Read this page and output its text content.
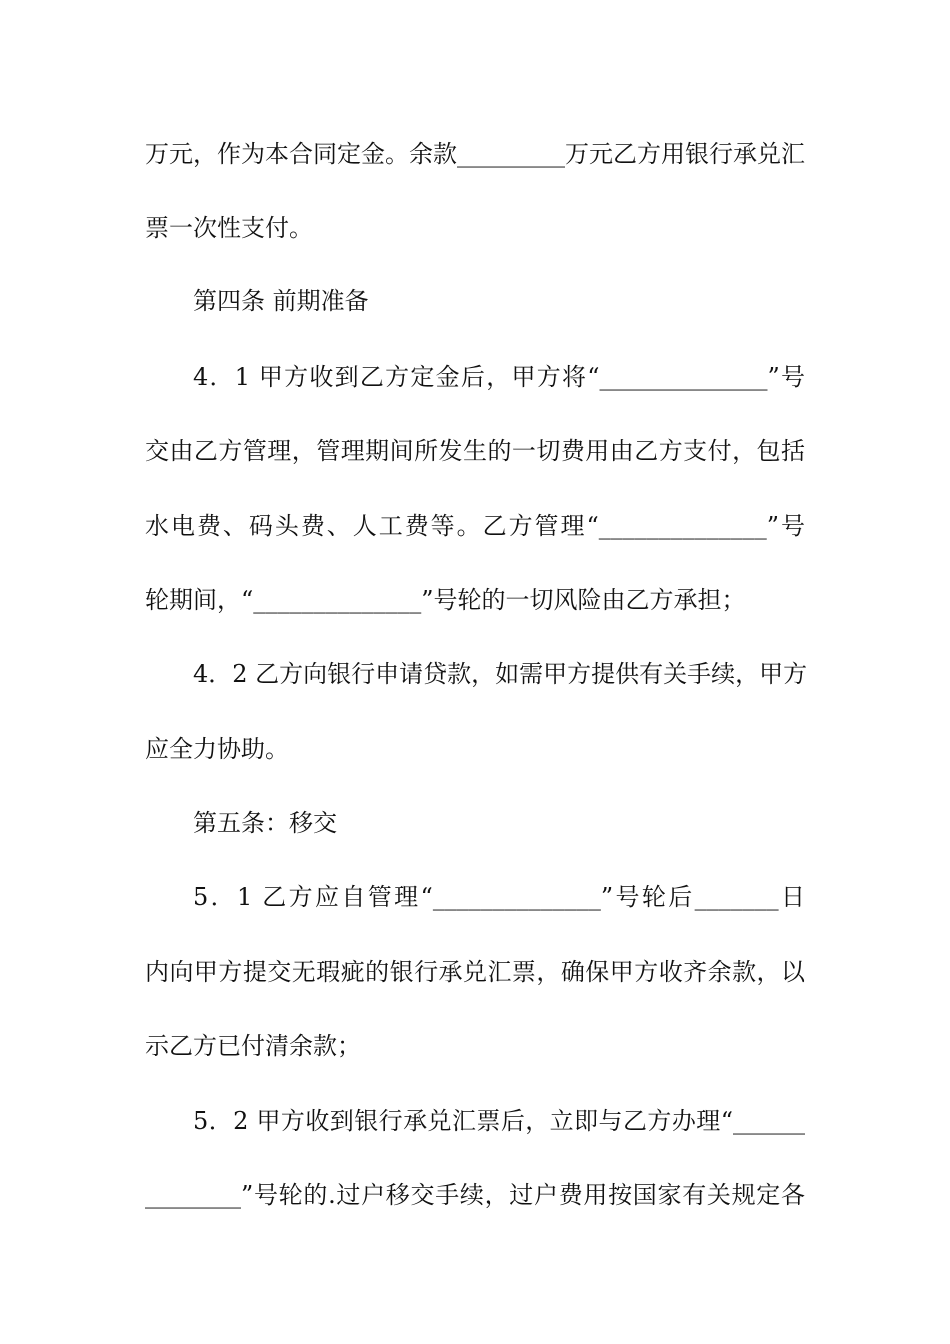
万元，作为本合同定金。余款_________万元乙方用银行承兑汇
票一次性支付。
第四条 前期准备
4．1 甲方收到乙方定金后，甲方将“______________”号
交由乙方管理，管理期间所发生的一切费用由乙方支付，包括
水电费、码头费、人工费等。乙方管理“______________”号
轮期间，“______________”号轮的一切风险由乙方承担；
4．2 乙方向银行申请贷款，如需甲方提供有关手续，甲方
应全力协助。
第五条：移交
5．1 乙方应自管理“______________”号轮后_______日
内向甲方提交无瑕疵的银行承兑汇票，确保甲方收齐余款，以
示乙方已付清余款；
5．2 甲方收到银行承兑汇票后，立即与乙方办理“______
________”号轮的.过户移交手续，过户费用按国家有关规定各
